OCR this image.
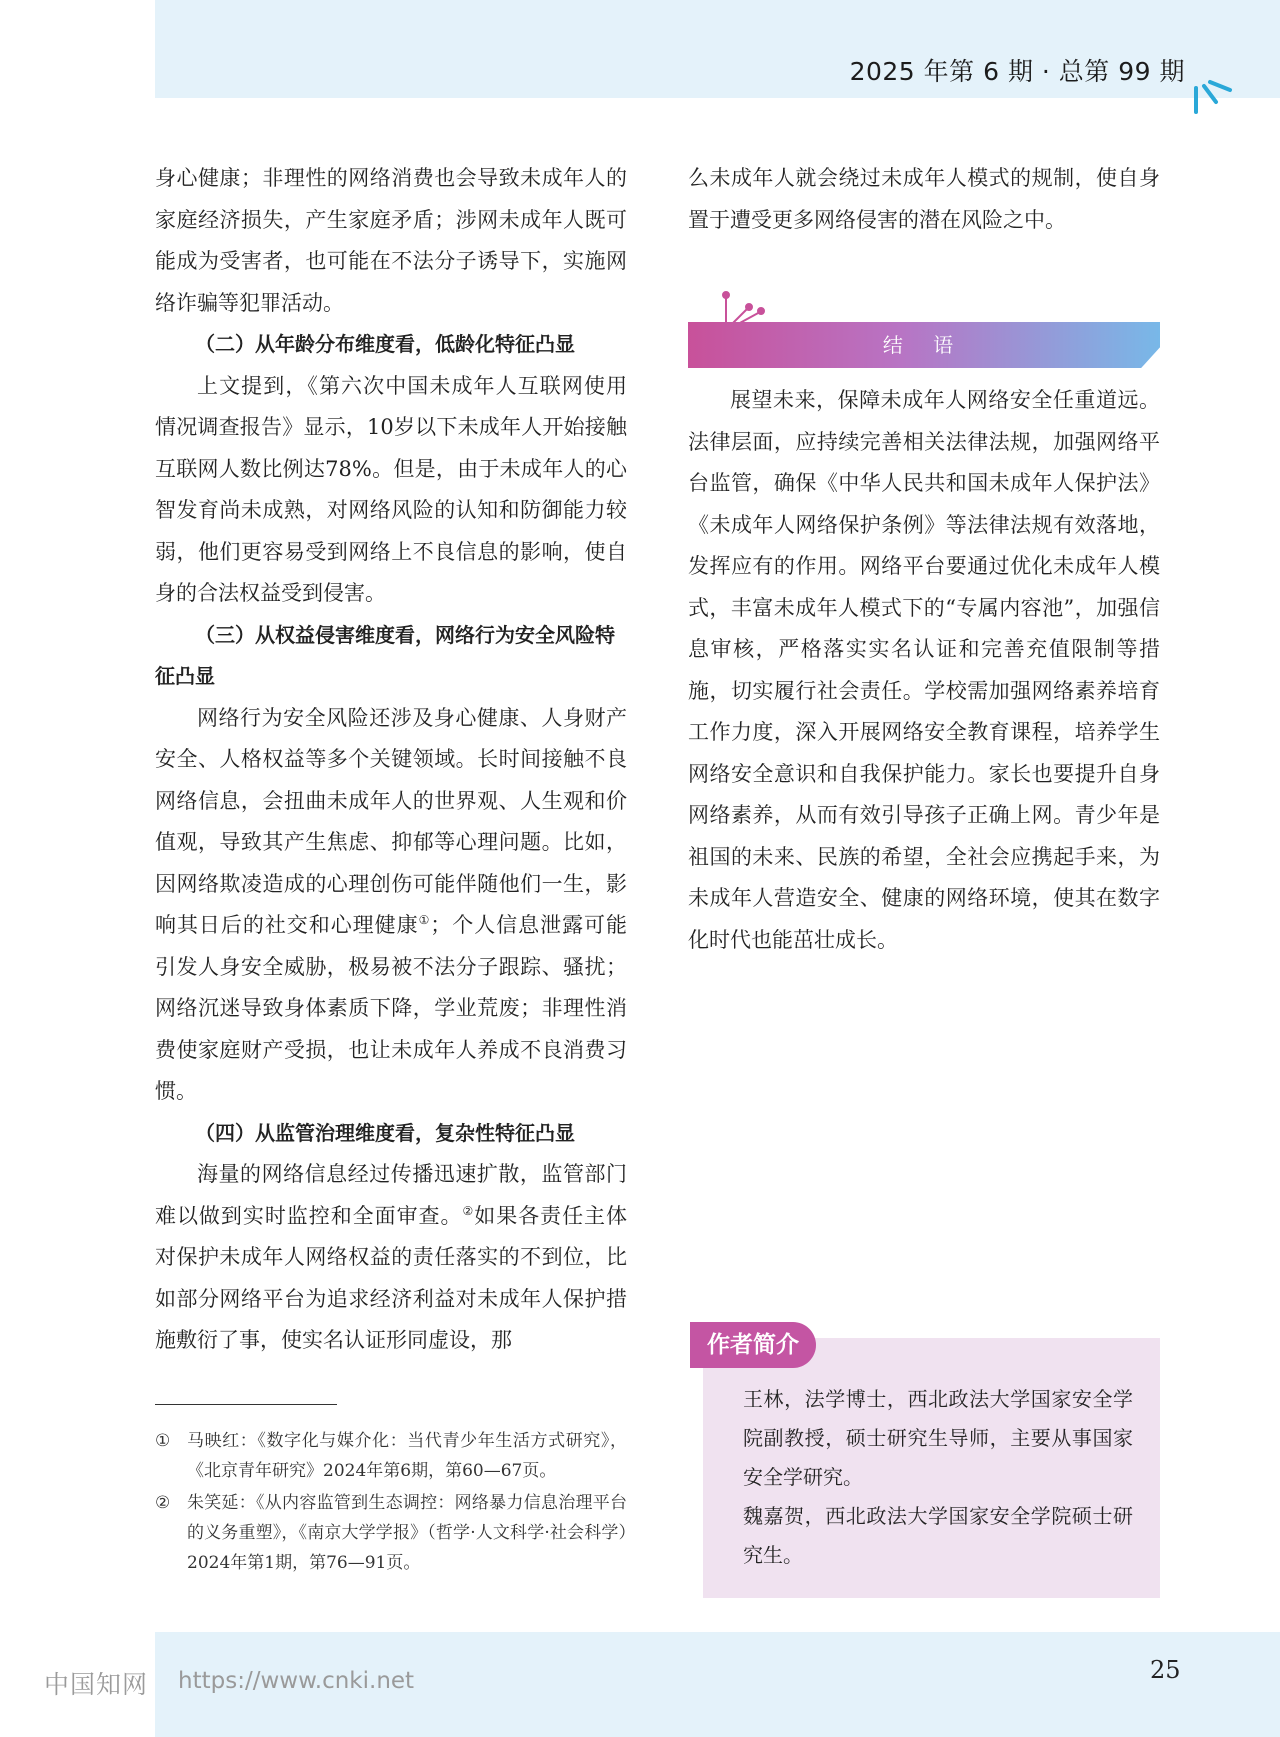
2025 年第 6 期 · 总第 99 期

身心健康；非理性的网络消费也会导致未成年人的家庭经济损失，产生家庭矛盾；涉网未成年人既可能成为受害者，也可能在不法分子诱导下，实施网络诈骗等犯罪活动。

（二）从年龄分布维度看，低龄化特征凸显

上文提到，《第六次中国未成年人互联网使用情况调查报告》显示，10岁以下未成年人开始接触互联网人数比例达78%。但是，由于未成年人的心智发育尚未成熟，对网络风险的认知和防御能力较弱，他们更容易受到网络上不良信息的影响，使自身的合法权益受到侵害。

（三）从权益侵害维度看，网络行为安全风险特征凸显

网络行为安全风险还涉及身心健康、人身财产安全、人格权益等多个关键领域。长时间接触不良网络信息，会扭曲未成年人的世界观、人生观和价值观，导致其产生焦虑、抑郁等心理问题。比如，因网络欺凌造成的心理创伤可能伴随他们一生，影响其日后的社交和心理健康①；个人信息泄露可能引发人身安全威胁，极易被不法分子跟踪、骚扰；网络沉迷导致身体素质下降，学业荒废；非理性消费使家庭财产受损，也让未成年人养成不良消费习惯。

（四）从监管治理维度看，复杂性特征凸显

海量的网络信息经过传播迅速扩散，监管部门难以做到实时监控和全面审查。②如果各责任主体对保护未成年人网络权益的责任落实的不到位，比如部分网络平台为追求经济利益对未成年人保护措施敷衍了事，使实名认证形同虚设，那

① 马映红：《数字化与媒介化：当代青少年生活方式研究》，《北京青年研究》2024年第6期，第60—67页。
② 朱笑延：《从内容监管到生态调控：网络暴力信息治理平台的义务重塑》，《南京大学学报》（哲学·人文科学·社会科学）2024年第1期，第76—91页。

么未成年人就会绕过未成年人模式的规制，使自身置于遭受更多网络侵害的潜在风险之中。

结 语

展望未来，保障未成年人网络安全任重道远。法律层面，应持续完善相关法律法规，加强网络平台监管，确保《中华人民共和国未成年人保护法》《未成年人网络保护条例》等法律法规有效落地，发挥应有的作用。网络平台要通过优化未成年人模式，丰富未成年人模式下的“专属内容池”，加强信息审核，严格落实实名认证和完善充值限制等措施，切实履行社会责任。学校需加强网络素养培育工作力度，深入开展网络安全教育课程，培养学生网络安全意识和自我保护能力。家长也要提升自身网络素养，从而有效引导孩子正确上网。青少年是祖国的未来、民族的希望，全社会应携起手来，为未成年人营造安全、健康的网络环境，使其在数字化时代也能茁壮成长。

作者简介

王林，法学博士，西北政法大学国家安全学院副教授，硕士研究生导师，主要从事国家安全学研究。

魏嘉贺，西北政法大学国家安全学院硕士研究生。

25
中国知网 https://www.cnki.net
